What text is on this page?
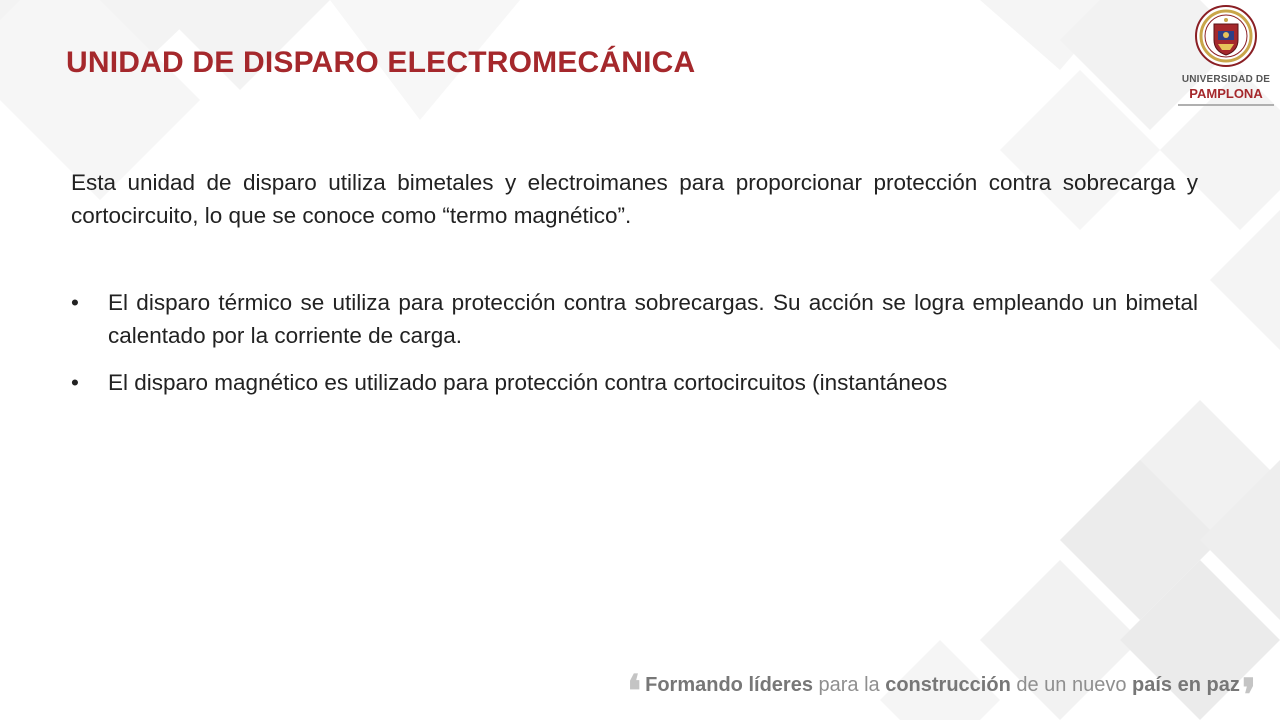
UNIDAD DE DISPARO ELECTROMECÁNICA
UNIVERSIDAD DE
PAMPLONA

Esta unidad de disparo utiliza bimetales y electroimanes para proporcionar protección contra sobrecarga y cortocircuito, lo que se conoce como “termo magnético”.

•	El disparo térmico se utiliza para protección contra sobrecargas. Su acción se logra empleando un bimetal calentado por la corriente de carga.
•	El disparo magnético es utilizado para protección contra cortocircuitos (instantáneos
❛ Formando líderes para la construcción de un nuevo país en paz ❜
